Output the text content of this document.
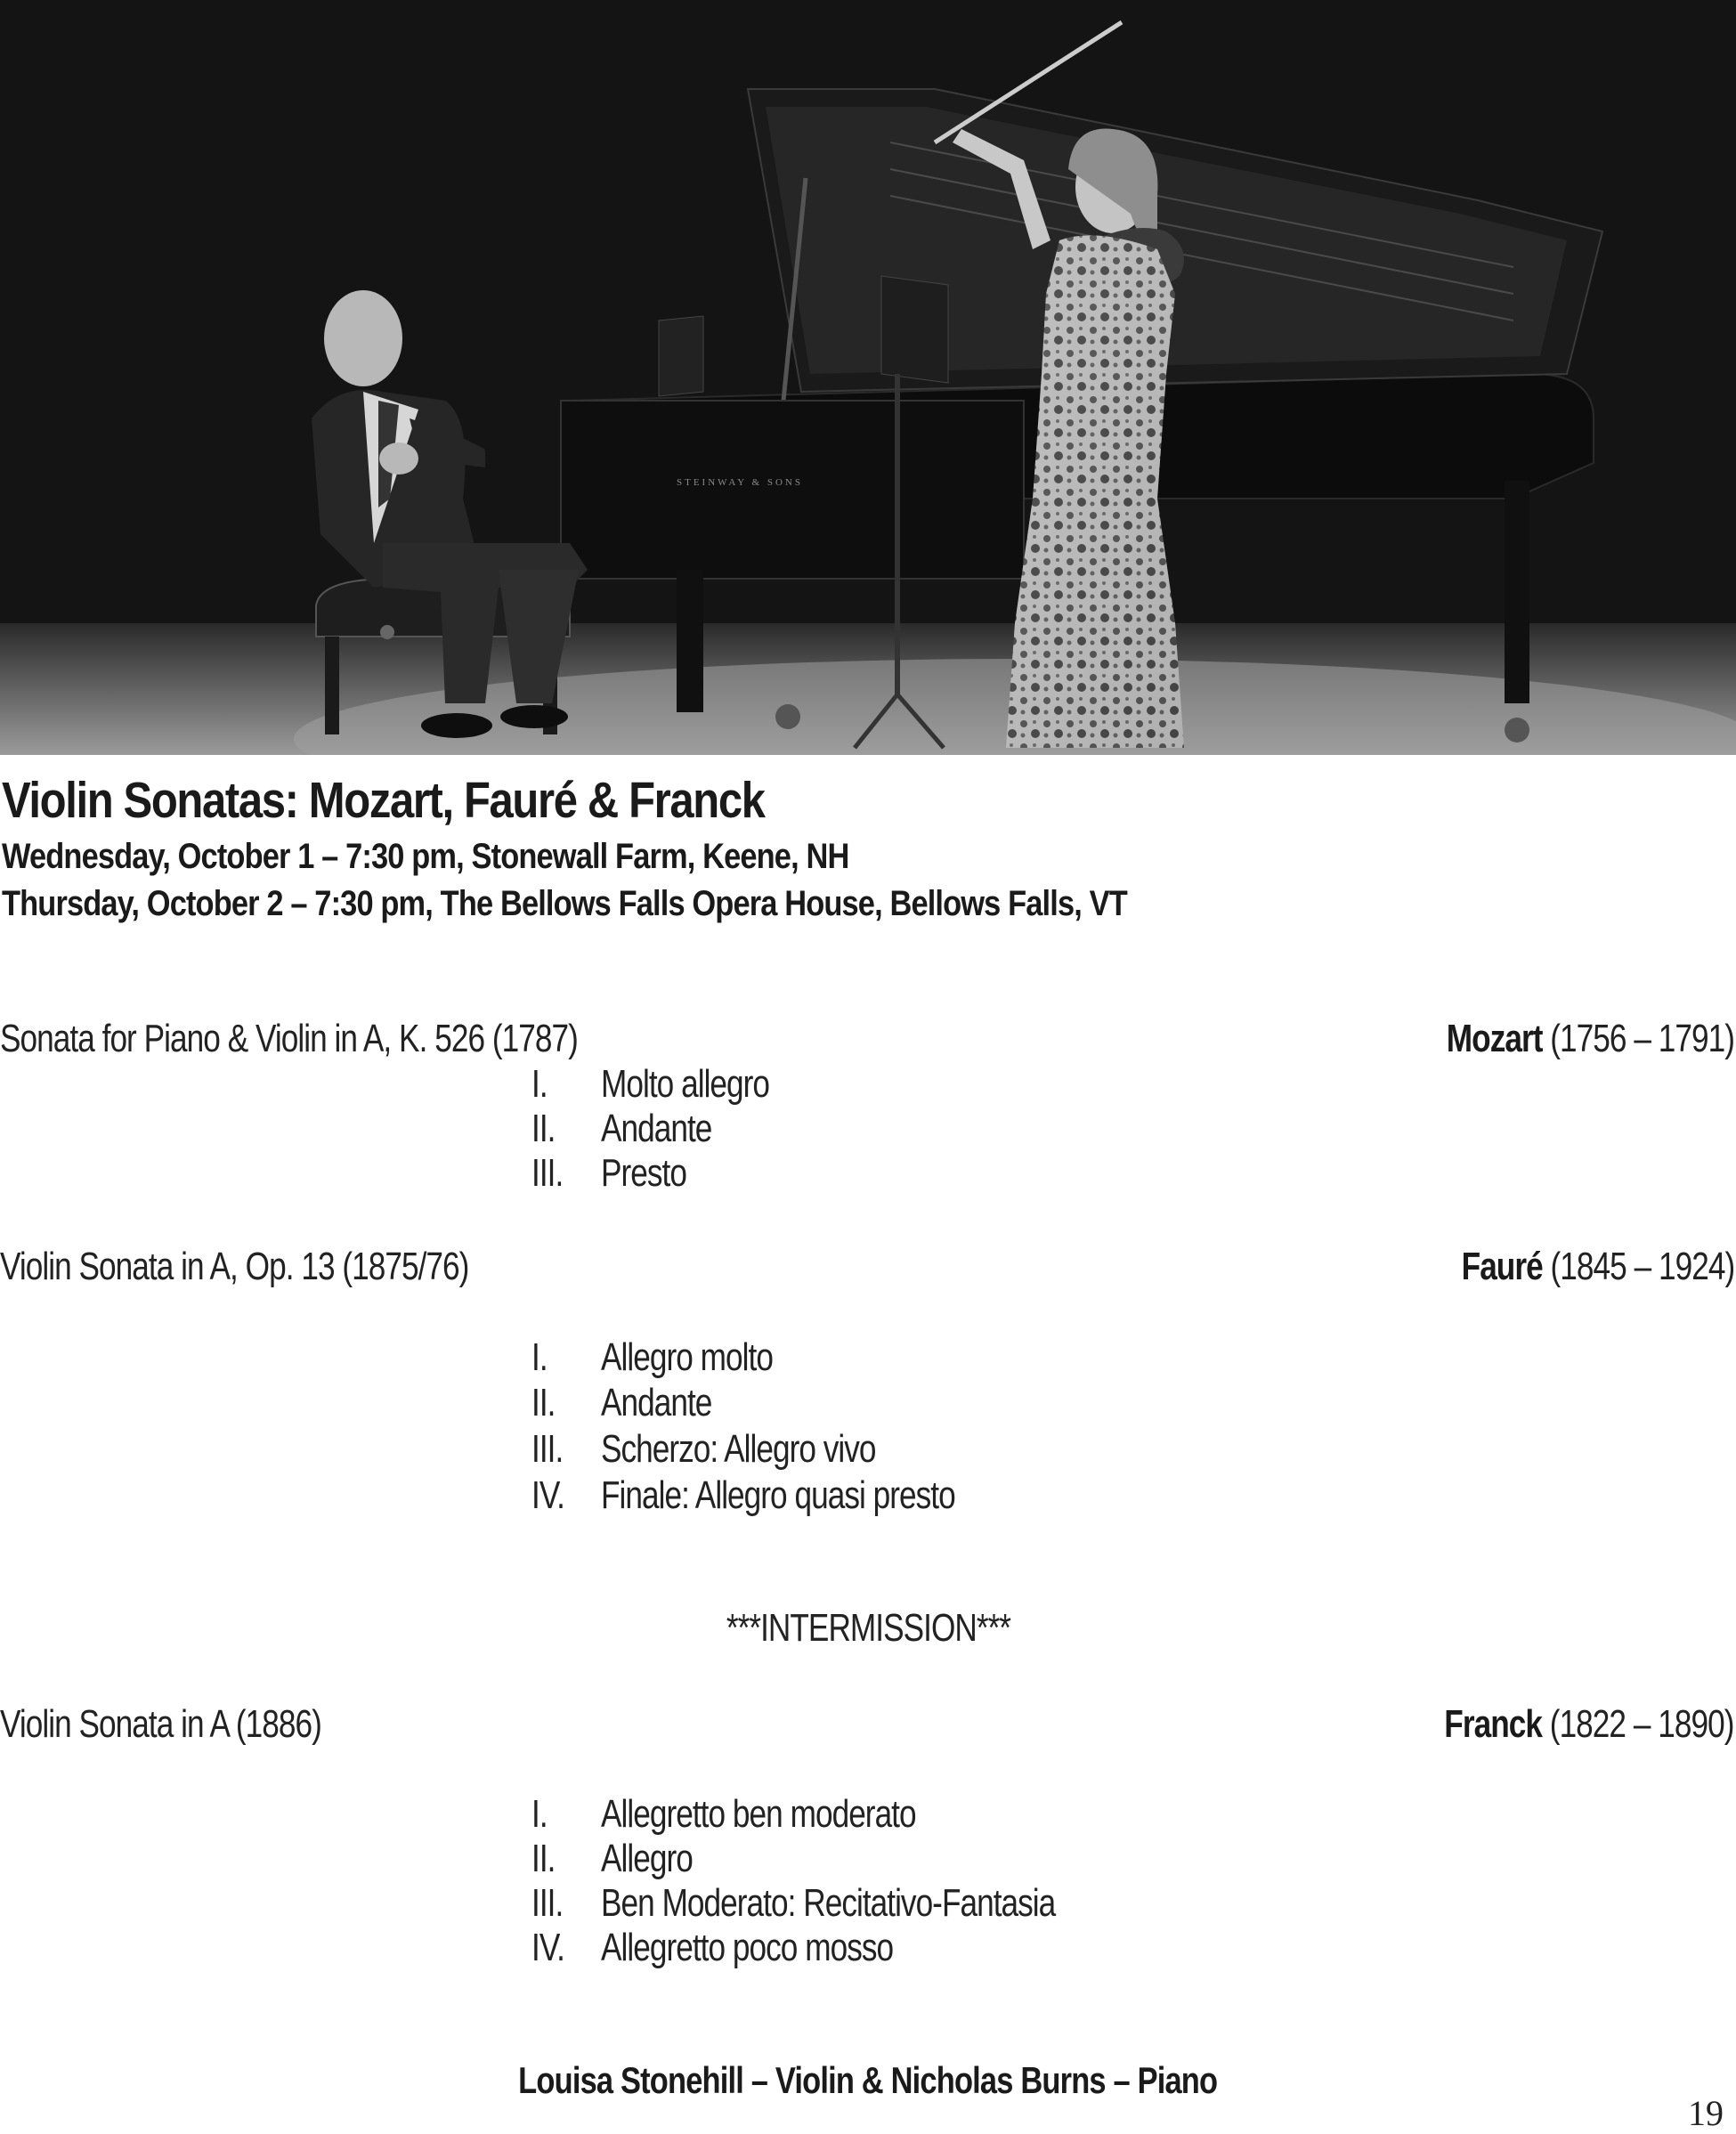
STEINWAY & SONS
Violin Sonatas: Mozart, Fauré & Franck
Wednesday, October 1 – 7:30 pm, Stonewall Farm, Keene, NH
Thursday, October 2 – 7:30 pm, The Bellows Falls Opera House, Bellows Falls, VT
Sonata for Piano & Violin in A, K. 526 (1787)	Mozart (1756 – 1791)
I. Molto allegro
II. Andante
III. Presto
Violin Sonata in A, Op. 13 (1875/76)	Fauré (1845 – 1924)
I. Allegro molto
II. Andante
III. Scherzo: Allegro vivo
IV. Finale: Allegro quasi presto
***INTERMISSION***
Violin Sonata in A (1886)	Franck (1822 – 1890)
I. Allegretto ben moderato
II. Allegro
III. Ben Moderato: Recitativo-Fantasia
IV. Allegretto poco mosso
Louisa Stonehill – Violin & Nicholas Burns – Piano
19
